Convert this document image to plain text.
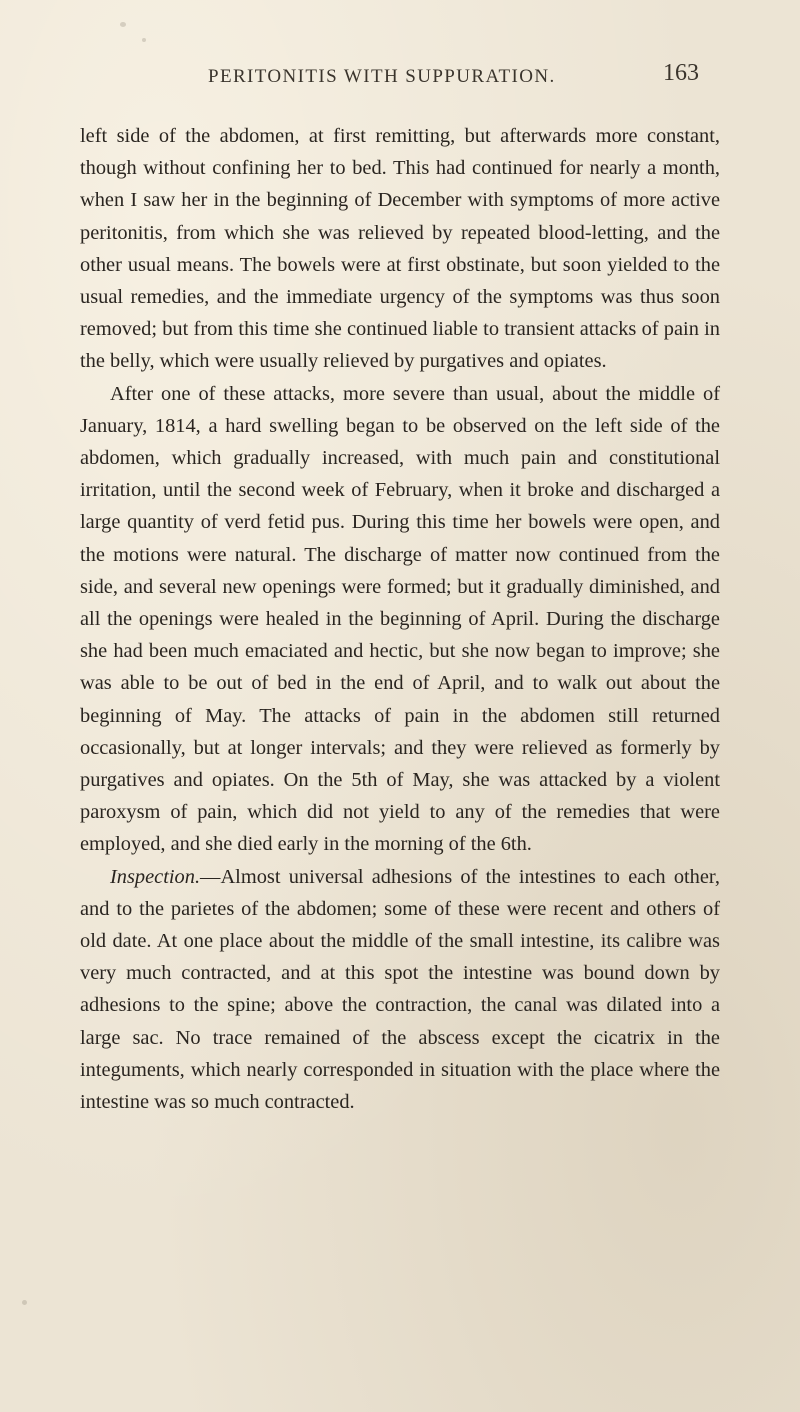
PERITONITIS WITH SUPPURATION.	163

left side of the abdomen, at first remitting, but afterwards more constant, though without confining her to bed. This had continued for nearly a month, when I saw her in the beginning of December with symptoms of more active peritonitis, from which she was relieved by repeated blood-letting, and the other usual means. The bowels were at first obstinate, but soon yielded to the usual remedies, and the immediate urgency of the symptoms was thus soon removed; but from this time she continued liable to transient attacks of pain in the belly, which were usually relieved by purgatives and opiates.

After one of these attacks, more severe than usual, about the middle of January, 1814, a hard swelling began to be observed on the left side of the abdomen, which gradually increased, with much pain and constitutional irritation, until the second week of February, when it broke and discharged a large quantity of verd fetid pus. During this time her bowels were open, and the motions were natural. The discharge of matter now continued from the side, and several new openings were formed; but it gradually diminished, and all the openings were healed in the beginning of April. During the discharge she had been much emaciated and hectic, but she now began to improve; she was able to be out of bed in the end of April, and to walk out about the beginning of May. The attacks of pain in the abdomen still returned occasionally, but at longer intervals; and they were relieved as formerly by purgatives and opiates. On the 5th of May, she was attacked by a violent paroxysm of pain, which did not yield to any of the remedies that were employed, and she died early in the morning of the 6th.

Inspection.—Almost universal adhesions of the intestines to each other, and to the parietes of the abdomen; some of these were recent and others of old date. At one place about the middle of the small intestine, its calibre was very much contracted, and at this spot the intestine was bound down by adhesions to the spine; above the contraction, the canal was dilated into a large sac. No trace remained of the abscess except the cicatrix in the integuments, which nearly corresponded in situation with the place where the intestine was so much contracted.
